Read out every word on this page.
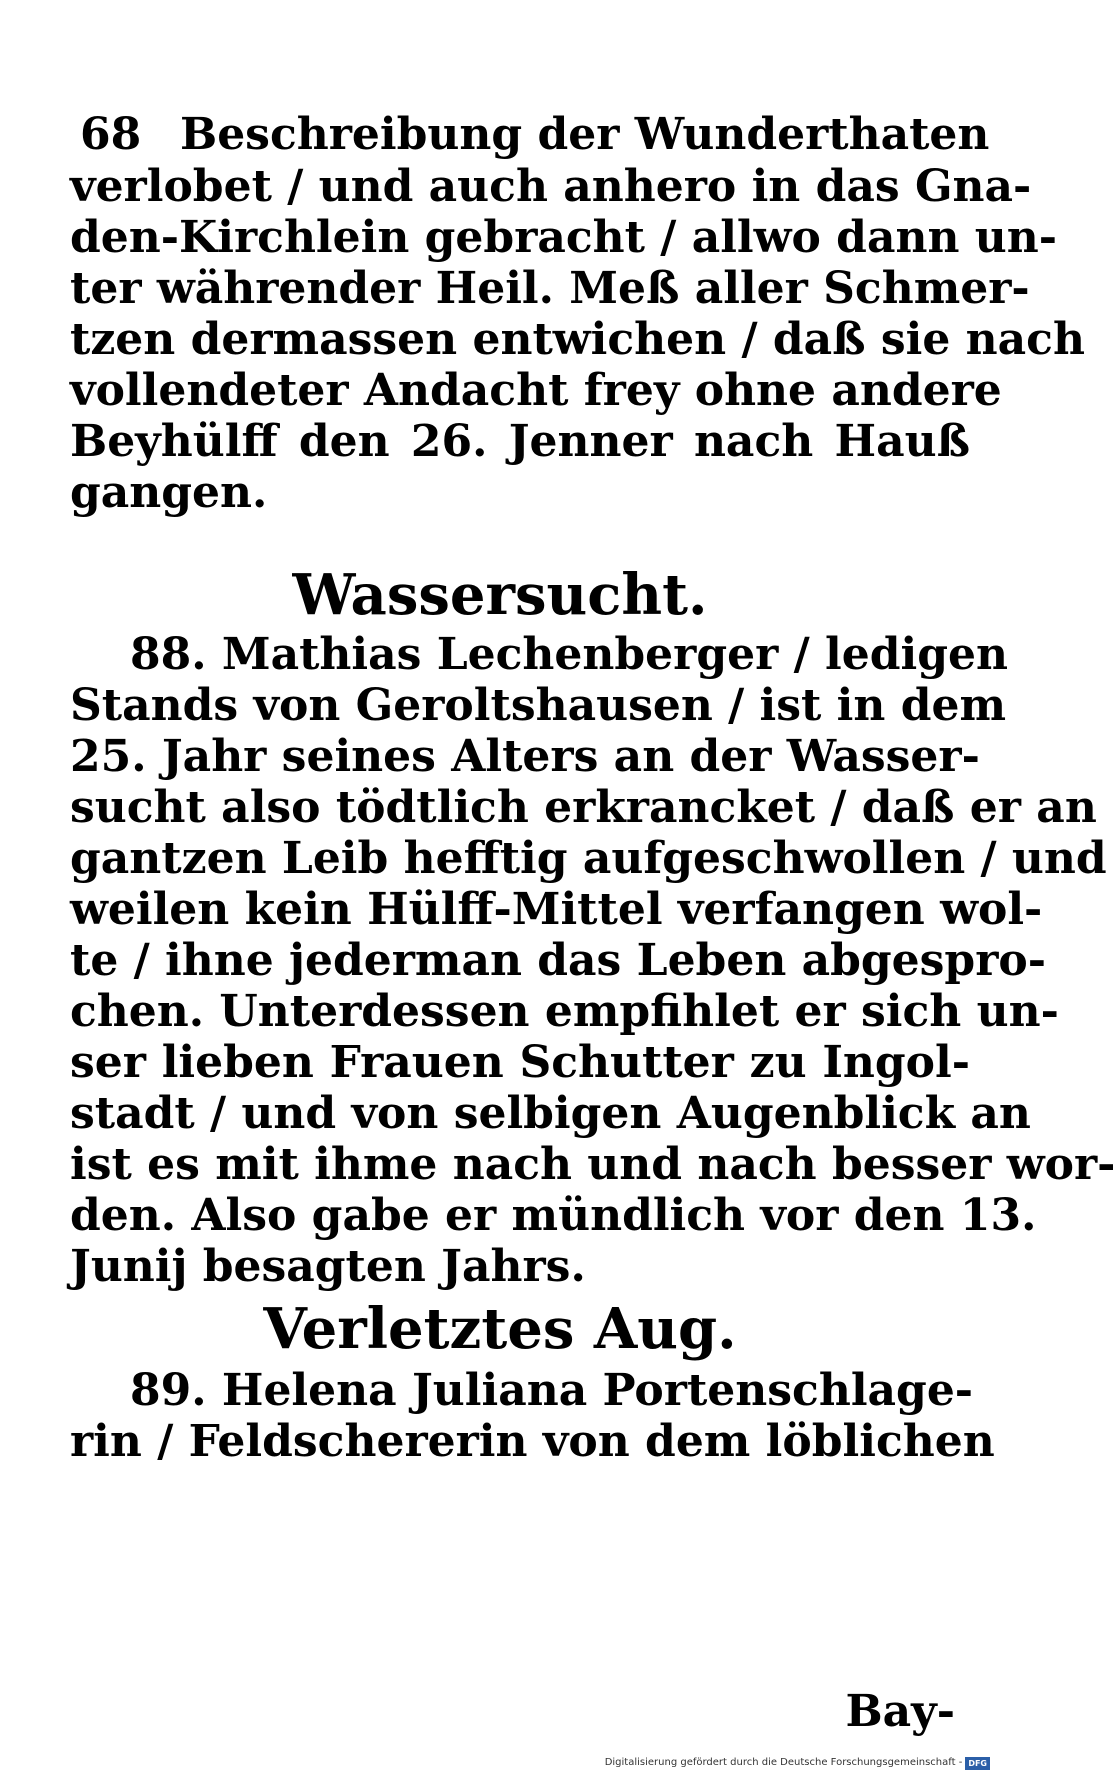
68 Beschreibung der Wunderthaten
verlobet / und auch anhero in das Gna-
den-Kirchlein gebracht / allwo dann un-
ter währender Heil. Meß aller Schmer-
tzen dermassen entwichen / daß sie nach
vollendeter Andacht frey ohne andere
Beyhülff den 26. Jenner nach Hauß
gangen.
Wassersucht.
88. Mathias Lechenberger / ledigen
Stands von Geroltshausen / ist in dem
25. Jahr seines Alters an der Wasser-
sucht also tödtlich erkrancket / daß er an
gantzen Leib hefftig aufgeschwollen / und
weilen kein Hülff-Mittel verfangen wol-
te / ihne jederman das Leben abgespro-
chen. Unterdessen empfihlet er sich un-
ser lieben Frauen Schutter zu Ingol-
stadt / und von selbigen Augenblick an
ist es mit ihme nach und nach besser wor-
den. Also gabe er mündlich vor den 13.
Junij besagten Jahrs.
Verletztes Aug.
89. Helena Juliana Portenschlage-
rin / Feldschererin von dem löblichen
Bay-
Digitalisierung gefördert durch die Deutsche Forschungsgemeinschaft - DFG
